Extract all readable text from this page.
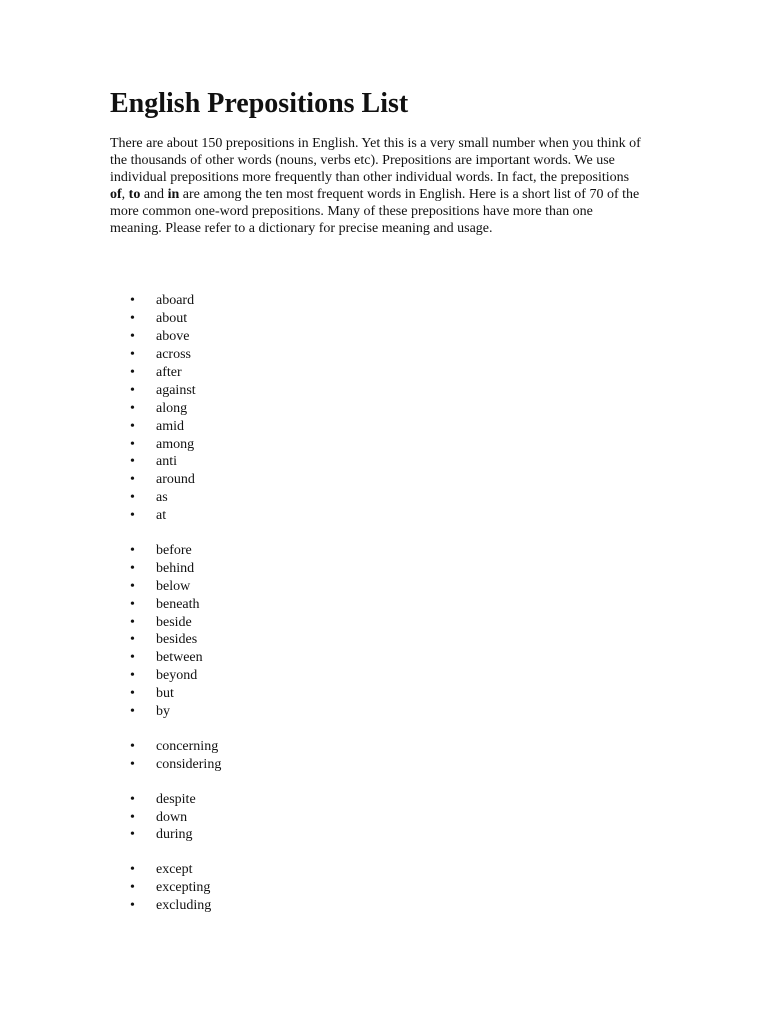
English Prepositions List

There are about 150 prepositions in English. Yet this is a very small number when you think of the thousands of other words (nouns, verbs etc). Prepositions are important words. We use individual prepositions more frequently than other individual words. In fact, the prepositions of, to and in are among the ten most frequent words in English. Here is a short list of 70 of the more common one-word prepositions. Many of these prepositions have more than one meaning. Please refer to a dictionary for precise meaning and usage.

• aboard
• about
• above
• across
• after
• against
• along
• amid
• among
• anti
• around
• as
• at
• before
• behind
• below
• beneath
• beside
• besides
• between
• beyond
• but
• by
• concerning
• considering
• despite
• down
• during
• except
• excepting
• excluding
